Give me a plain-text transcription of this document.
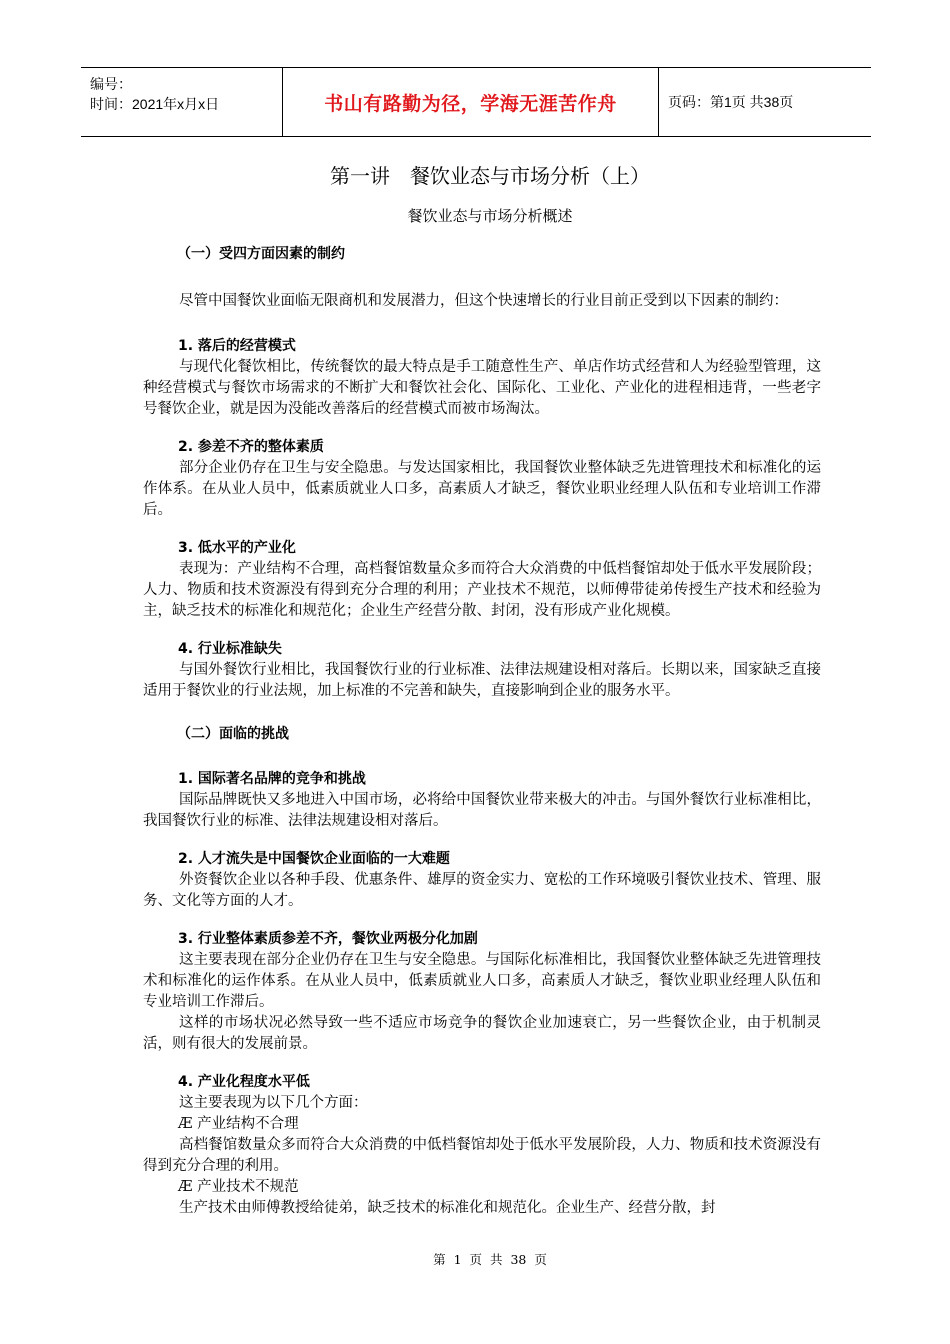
编号：
时间：2021年x月x日	书山有路勤为径，学海无涯苦作舟	页码：第1页 共38页
第一讲　餐饮业态与市场分析（上）
餐饮业态与市场分析概述
（一）受四方面因素的制约
尽管中国餐饮业面临无限商机和发展潜力，但这个快速增长的行业目前正受到以下因素的制约：
1. 落后的经营模式
与现代化餐饮相比，传统餐饮的最大特点是手工随意性生产、单店作坊式经营和人为经验型管理，这种经营模式与餐饮市场需求的不断扩大和餐饮社会化、国际化、工业化、产业化的进程相违背，一些老字号餐饮企业，就是因为没能改善落后的经营模式而被市场淘汰。
2. 参差不齐的整体素质
部分企业仍存在卫生与安全隐患。与发达国家相比，我国餐饮业整体缺乏先进管理技术和标准化的运作体系。在从业人员中，低素质就业人口多，高素质人才缺乏，餐饮业职业经理人队伍和专业培训工作滞后。
3. 低水平的产业化
表现为：产业结构不合理，高档餐馆数量众多而符合大众消费的中低档餐馆却处于低水平发展阶段；人力、物质和技术资源没有得到充分合理的利用；产业技术不规范，以师傅带徒弟传授生产技术和经验为主，缺乏技术的标准化和规范化；企业生产经营分散、封闭，没有形成产业化规模。
4. 行业标准缺失
与国外餐饮行业相比，我国餐饮行业的行业标准、法律法规建设相对落后。长期以来，国家缺乏直接适用于餐饮业的行业法规，加上标准的不完善和缺失，直接影响到企业的服务水平。
（二）面临的挑战
1. 国际著名品牌的竞争和挑战
国际品牌既快又多地进入中国市场，必将给中国餐饮业带来极大的冲击。与国外餐饮行业标准相比，我国餐饮行业的标准、法律法规建设相对落后。
2. 人才流失是中国餐饮企业面临的一大难题
外资餐饮企业以各种手段、优惠条件、雄厚的资金实力、宽松的工作环境吸引餐饮业技术、管理、服务、文化等方面的人才。
3. 行业整体素质参差不齐，餐饮业两极分化加剧
这主要表现在部分企业仍存在卫生与安全隐患。与国际化标准相比，我国餐饮业整体缺乏先进管理技术和标准化的运作体系。在从业人员中，低素质就业人口多，高素质人才缺乏，餐饮业职业经理人队伍和专业培训工作滞后。
这样的市场状况必然导致一些不适应市场竞争的餐饮企业加速衰亡，另一些餐饮企业，由于机制灵活，则有很大的发展前景。
4. 产业化程度水平低
这主要表现为以下几个方面：
Æ 产业结构不合理
高档餐馆数量众多而符合大众消费的中低档餐馆却处于低水平发展阶段，人力、物质和技术资源没有得到充分合理的利用。
Æ 产业技术不规范
生产技术由师傅教授给徒弟，缺乏技术的标准化和规范化。企业生产、经营分散，封
第 1 页 共 38 页
